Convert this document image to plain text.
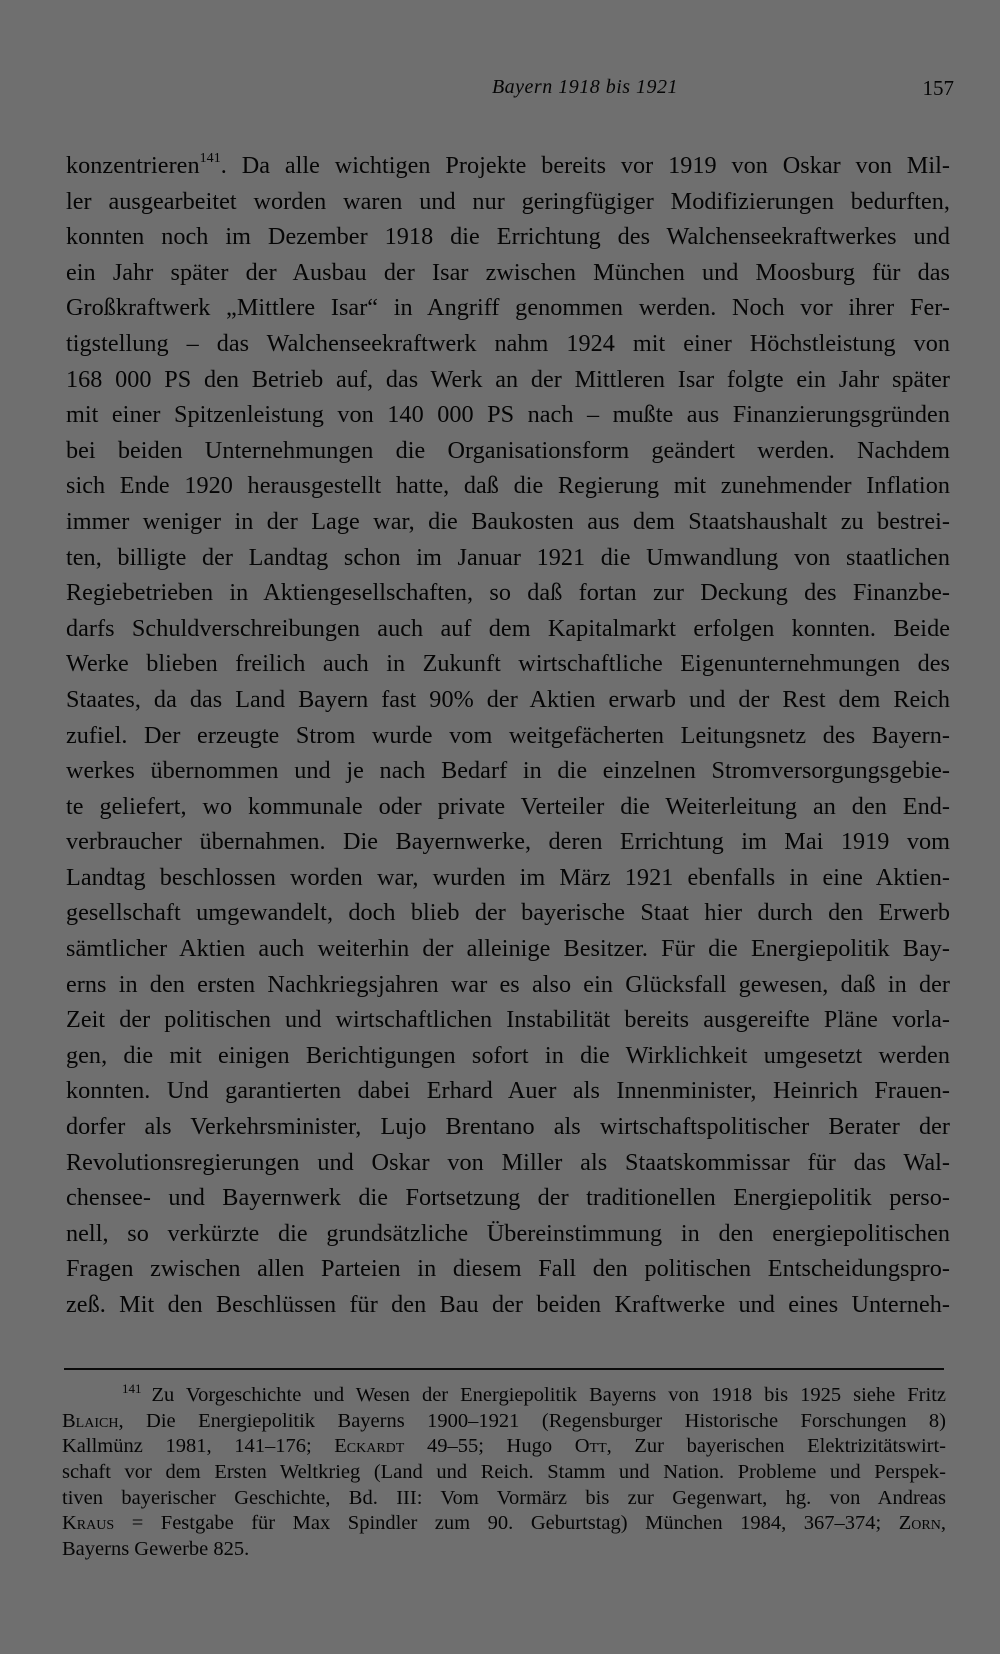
Bayern 1918 bis 1921	157
konzentrieren$^{141}$. Da alle wichtigen Projekte bereits vor 1919 von Oskar von Mil-
ler ausgearbeitet worden waren und nur geringfügiger Modifizierungen bedurften,
konnten noch im Dezember 1918 die Errichtung des Walchenseekraftwerkes und
ein Jahr später der Ausbau der Isar zwischen München und Moosburg für das
Großkraftwerk „Mittlere Isar“ in Angriff genommen werden. Noch vor ihrer Fer-
tigstellung – das Walchenseekraftwerk nahm 1924 mit einer Höchstleistung von
168 000 PS den Betrieb auf, das Werk an der Mittleren Isar folgte ein Jahr später
mit einer Spitzenleistung von 140 000 PS nach – mußte aus Finanzierungsgründen
bei beiden Unternehmungen die Organisationsform geändert werden. Nachdem
sich Ende 1920 herausgestellt hatte, daß die Regierung mit zunehmender Inflation
immer weniger in der Lage war, die Baukosten aus dem Staatshaushalt zu bestrei-
ten, billigte der Landtag schon im Januar 1921 die Umwandlung von staatlichen
Regiebetrieben in Aktiengesellschaften, so daß fortan zur Deckung des Finanzbe-
darfs Schuldverschreibungen auch auf dem Kapitalmarkt erfolgen konnten. Beide
Werke blieben freilich auch in Zukunft wirtschaftliche Eigenunternehmungen des
Staates, da das Land Bayern fast 90% der Aktien erwarb und der Rest dem Reich
zufiel. Der erzeugte Strom wurde vom weitgefächerten Leitungsnetz des Bayern-
werkes übernommen und je nach Bedarf in die einzelnen Stromversorgungsgebie-
te geliefert, wo kommunale oder private Verteiler die Weiterleitung an den End-
verbraucher übernahmen. Die Bayernwerke, deren Errichtung im Mai 1919 vom
Landtag beschlossen worden war, wurden im März 1921 ebenfalls in eine Aktien-
gesellschaft umgewandelt, doch blieb der bayerische Staat hier durch den Erwerb
sämtlicher Aktien auch weiterhin der alleinige Besitzer. Für die Energiepolitik Bay-
erns in den ersten Nachkriegsjahren war es also ein Glücksfall gewesen, daß in der
Zeit der politischen und wirtschaftlichen Instabilität bereits ausgereifte Pläne vorla-
gen, die mit einigen Berichtigungen sofort in die Wirklichkeit umgesetzt werden
konnten. Und garantierten dabei Erhard Auer als Innenminister, Heinrich Frauen-
dorfer als Verkehrsminister, Lujo Brentano als wirtschaftspolitischer Berater der
Revolutionsregierungen und Oskar von Miller als Staatskommissar für das Wal-
chensee- und Bayernwerk die Fortsetzung der traditionellen Energiepolitik perso-
nell, so verkürzte die grundsätzliche Übereinstimmung in den energiepolitischen
Fragen zwischen allen Parteien in diesem Fall den politischen Entscheidungspro-
zeß. Mit den Beschlüssen für den Bau der beiden Kraftwerke und eines Unterneh-
$^{141}$ Zu Vorgeschichte und Wesen der Energiepolitik Bayerns von 1918 bis 1925 siehe Fritz
Blaich, Die Energiepolitik Bayerns 1900–1921 (Regensburger Historische Forschungen 8)
Kallmünz 1981, 141–176; Eckardt 49–55; Hugo Ott, Zur bayerischen Elektrizitätswirt-
schaft vor dem Ersten Weltkrieg (Land und Reich. Stamm und Nation. Probleme und Perspek-
tiven bayerischer Geschichte, Bd. III: Vom Vormärz bis zur Gegenwart, hg. von Andreas
Kraus = Festgabe für Max Spindler zum 90. Geburtstag) München 1984, 367–374; Zorn,
Bayerns Gewerbe 825.
